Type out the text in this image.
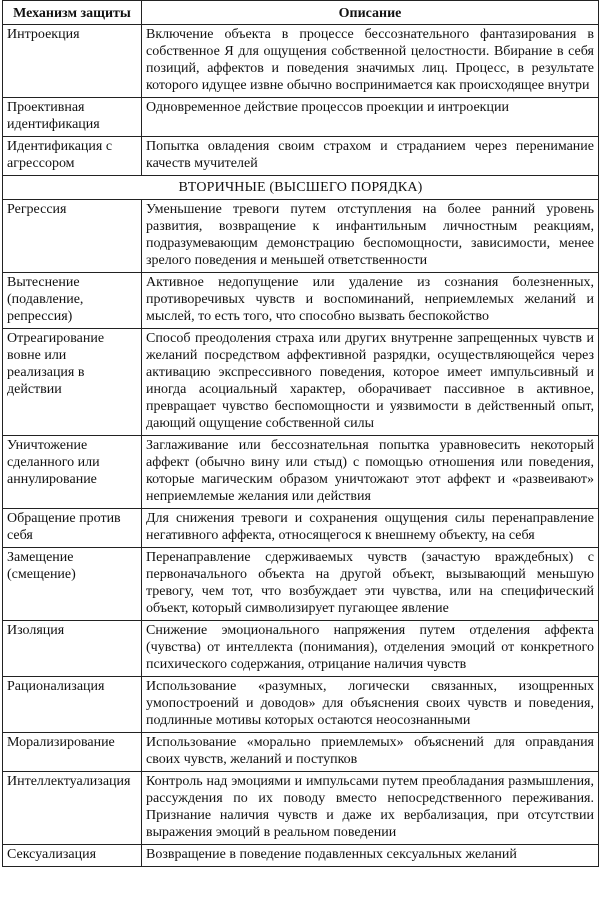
Механизм защиты	Описание
Интроекция	Включение объекта в процессе бессознательного фантазирования в собственное Я для ощущения собственной целостности. Вбирание в себя позиций, аффектов и поведения значимых лиц. Процесс, в результате которого идущее извне обычно воспринимается как происходящее внутри
Проективная идентификация	Одновременное действие процессов проекции и интроекции
Идентификация с агрессором	Попытка овладения своим страхом и страданием через перенимание качеств мучителей
ВТОРИЧНЫЕ (ВЫСШЕГО ПОРЯДКА)	
Регрессия	Уменьшение тревоги путем отступления на более ранний уровень развития, возвращение к инфантильным личностным реакциям, подразумевающим демонстрацию беспомощности, зависимости, менее зрелого поведения и меньшей ответственности
Вытеснение (подавление, репрессия)	Активное недопущение или удаление из сознания болезненных, противоречивых чувств и воспоминаний, неприемлемых желаний и мыслей, то есть того, что способно вызвать беспокойство
Отреагирование вовне или реализация в действии	Способ преодоления страха или других внутренне запрещенных чувств и желаний посредством аффективной разрядки, осуществляющейся через активацию экспрессивного поведения, которое имеет импульсивный и иногда асоциальный характер, оборачивает пассивное в активное, превращает чувство беспомощности и уязвимости в действенный опыт, дающий ощущение собственной силы
Уничтожение сделанного или аннулирование	Заглаживание или бессознательная попытка уравновесить некоторый аффект (обычно вину или стыд) с помощью отношения или поведения, которые магическим образом уничтожают этот аффект и «развеивают» неприемлемые желания или действия
Обращение против себя	Для снижения тревоги и сохранения ощущения силы перенаправление негативного аффекта, относящегося к внешнему объекту, на себя
Замещение (смещение)	Перенаправление сдерживаемых чувств (зачастую враждебных) с первоначального объекта на другой объект, вызывающий меньшую тревогу, чем тот, что возбуждает эти чувства, или на специфический объект, который символизирует пугающее явление
Изоляция	Снижение эмоционального напряжения путем отделения аффекта (чувства) от интеллекта (понимания), отделения эмоций от конкретного психического содержания, отрицание наличия чувств
Рационализация	Использование «разумных, логически связанных, изощренных умопостроений и доводов» для объяснения своих чувств и поведения, подлинные мотивы которых остаются неосознанными
Морализирование	Использование «морально приемлемых» объяснений для оправдания своих чувств, желаний и поступков
Интеллектуализация	Контроль над эмоциями и импульсами путем преобладания размышления, рассуждения по их поводу вместо непосредственного переживания. Признание наличия чувств и даже их вербализация, при отсутствии выражения эмоций в реальном поведении
Сексуализация	Возвращение в поведение подавленных сексуальных желаний
